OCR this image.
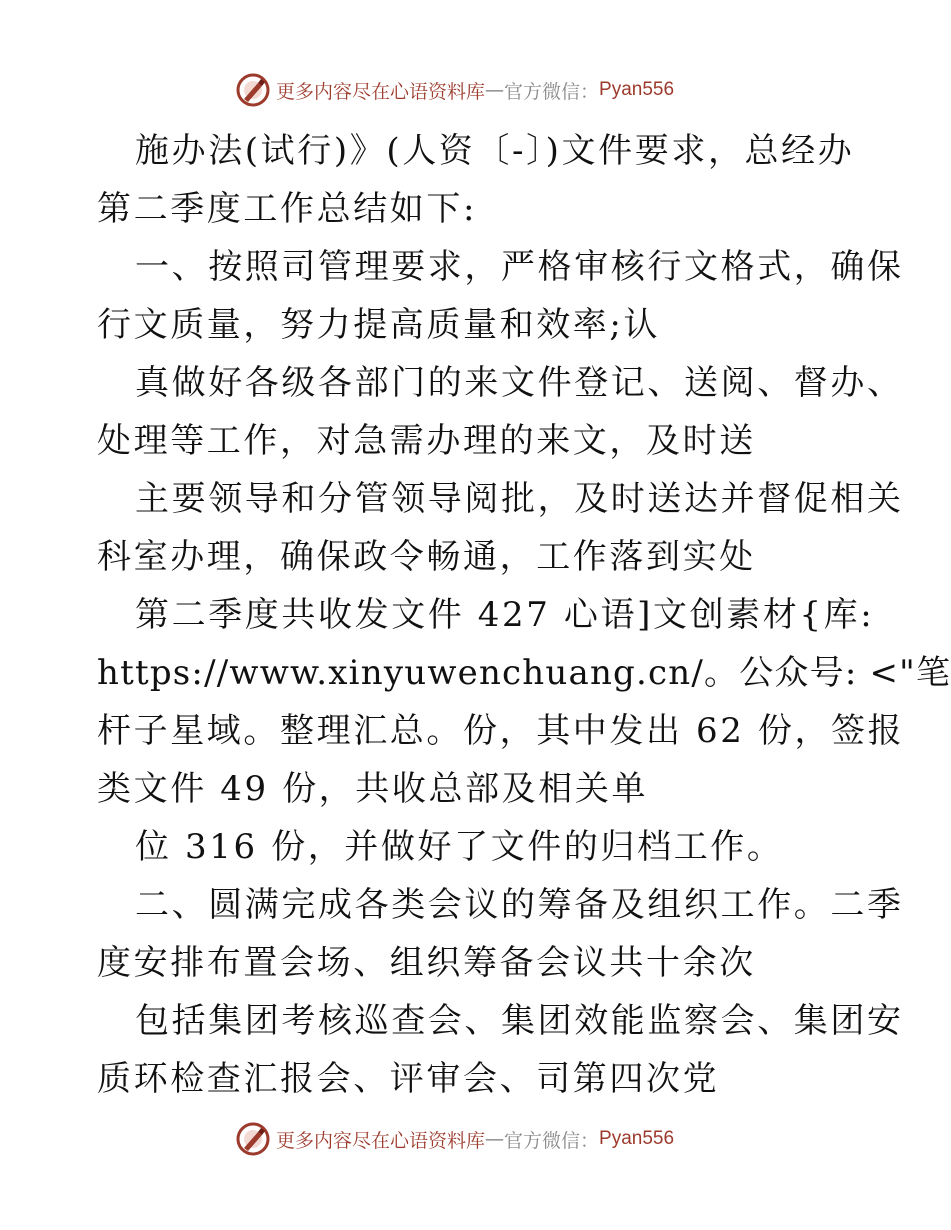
更多内容尽在心语资料库 — 官方微信： Pyan556
施办法(试行)》(人资〔-〕)文件要求，总经办
第二季度工作总结如下:
一、按照司管理要求，严格审核行文格式，确保
行文质量，努力提高质量和效率;认
真做好各级各部门的来文件登记、送阅、督办、
处理等工作，对急需办理的来文，及时送
主要领导和分管领导阅批，及时送达并督促相关
科室办理，确保政令畅通，工作落到实处
第二季度共收发文件 427 心语]文创素材{库:
https://www.xinyuwenchuang.cn/。公众号: <"笔
杆子星域。整理汇总。份，其中发出 62 份，签报
类文件 49 份，共收总部及相关单
位 316 份，并做好了文件的归档工作。
二、圆满完成各类会议的筹备及组织工作。二季
度安排布置会场、组织筹备会议共十余次
包括集团考核巡查会、集团效能监察会、集团安
质环检查汇报会、评审会、司第四次党
更多内容尽在心语资料库 — 官方微信： Pyan556
